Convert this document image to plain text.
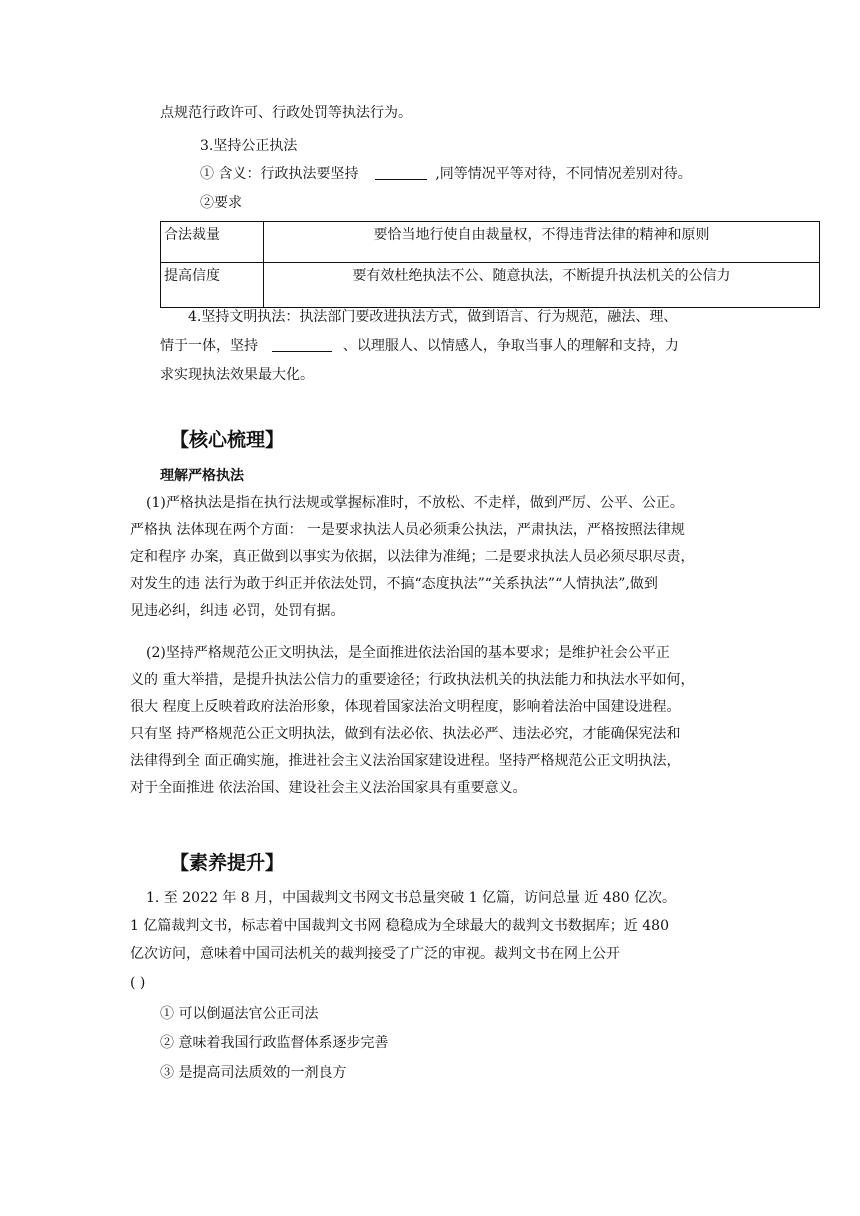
点规范行政许可、行政处罚等执法行为。
3.坚持公正执法
① 含义：行政执法要坚持	,同等情况平等对待，不同情况差别对待。
②要求
合法裁量	要恰当地行使自由裁量权，不得违背法律的精神和原则
提高信度	要有效杜绝执法不公、随意执法，不断提升执法机关的公信力
4.坚持文明执法：执法部门要改进执法方式，做到语言、行为规范，融法、理、
情于一体，坚持	、以理服人、以情感人，争取当事人的理解和支持，力
求实现执法效果最大化。
【核心梳理】
理解严格执法
(1)严格执法是指在执行法规或掌握标准时，不放松、不走样，做到严厉、公平、公正。
严格执 法体现在两个方面： 一是要求执法人员必须秉公执法，严肃执法，严格按照法律规
定和程序 办案，真正做到以事实为依据，以法律为准绳；二是要求执法人员必须尽职尽责，
对发生的违 法行为敢于纠正并依法处罚，不搞“态度执法”“关系执法”“人情执法”,做到
见违必纠，纠违 必罚，处罚有据。
(2)坚持严格规范公正文明执法，是全面推进依法治国的基本要求；是维护社会公平正
义的 重大举措，是提升执法公信力的重要途径；行政执法机关的执法能力和执法水平如何，
很大 程度上反映着政府法治形象，体现着国家法治文明程度，影响着法治中国建设进程。
只有坚 持严格规范公正文明执法，做到有法必依、执法必严、违法必究，才能确保宪法和
法律得到全 面正确实施，推进社会主义法治国家建设进程。坚持严格规范公正文明执法，
对于全面推进 依法治国、建设社会主义法治国家具有重要意义。
【素养提升】
1. 至 2022 年 8 月，中国裁判文书网文书总量突破 1 亿篇，访问总量 近 480 亿次。
1 亿篇裁判文书，标志着中国裁判文书网 稳稳成为全球最大的裁判文书数据库；近 480
亿次访问，意味着中国司法机关的裁判接受了广泛的审视。裁判文书在网上公开
( )
① 可以倒逼法官公正司法
② 意味着我国行政监督体系逐步完善
③ 是提高司法质效的一剂良方
